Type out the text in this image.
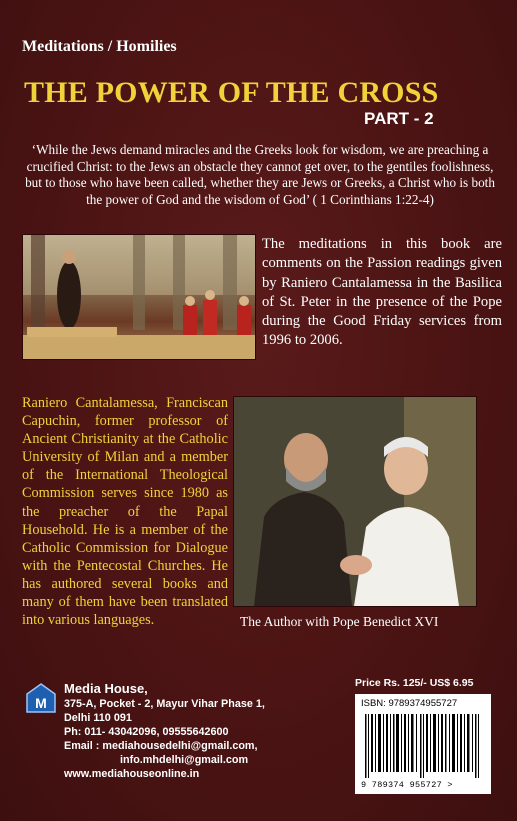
Meditations / Homilies
THE POWER OF THE CROSS
PART - 2
‘While the Jews demand miracles and the Greeks look for wisdom, we are preaching a crucified Christ: to the Jews an obstacle they cannot get over, to the gentiles foolishness, but to those who have been called, whether they are Jews or Greeks, a Christ who is both the power of God and the wisdom of God’ ( 1 Corinthians 1:22-4)
The meditations in this book are comments on the Passion readings given by Raniero Cantalamessa in the Basilica of St. Peter in the presence of the Pope during the Good Friday services from 1996 to 2006.
Raniero Cantalamessa, Franciscan Capuchin, former professor of Ancient Christianity at the Catholic University of Milan and a member of the International Theological Commission serves since 1980 as the preacher of the Papal Household. He is a member of the Catholic Commission for Dialogue with the Pentecostal Churches. He has authored several books and many of them have been translated into various languages.	The Author with Pope Benedict XVI
M
Media House,
375-A, Pocket - 2, Mayur Vihar Phase 1,
Delhi 110 091
Ph: 011- 43042096, 09555642600
Email : mediahousedelhi@gmail.com,
info.mhdelhi@gmail.com
www.mediahouseonline.in
Price Rs. 125/- US$ 6.95
ISBN: 9789374955727
9 789374 955727 >
